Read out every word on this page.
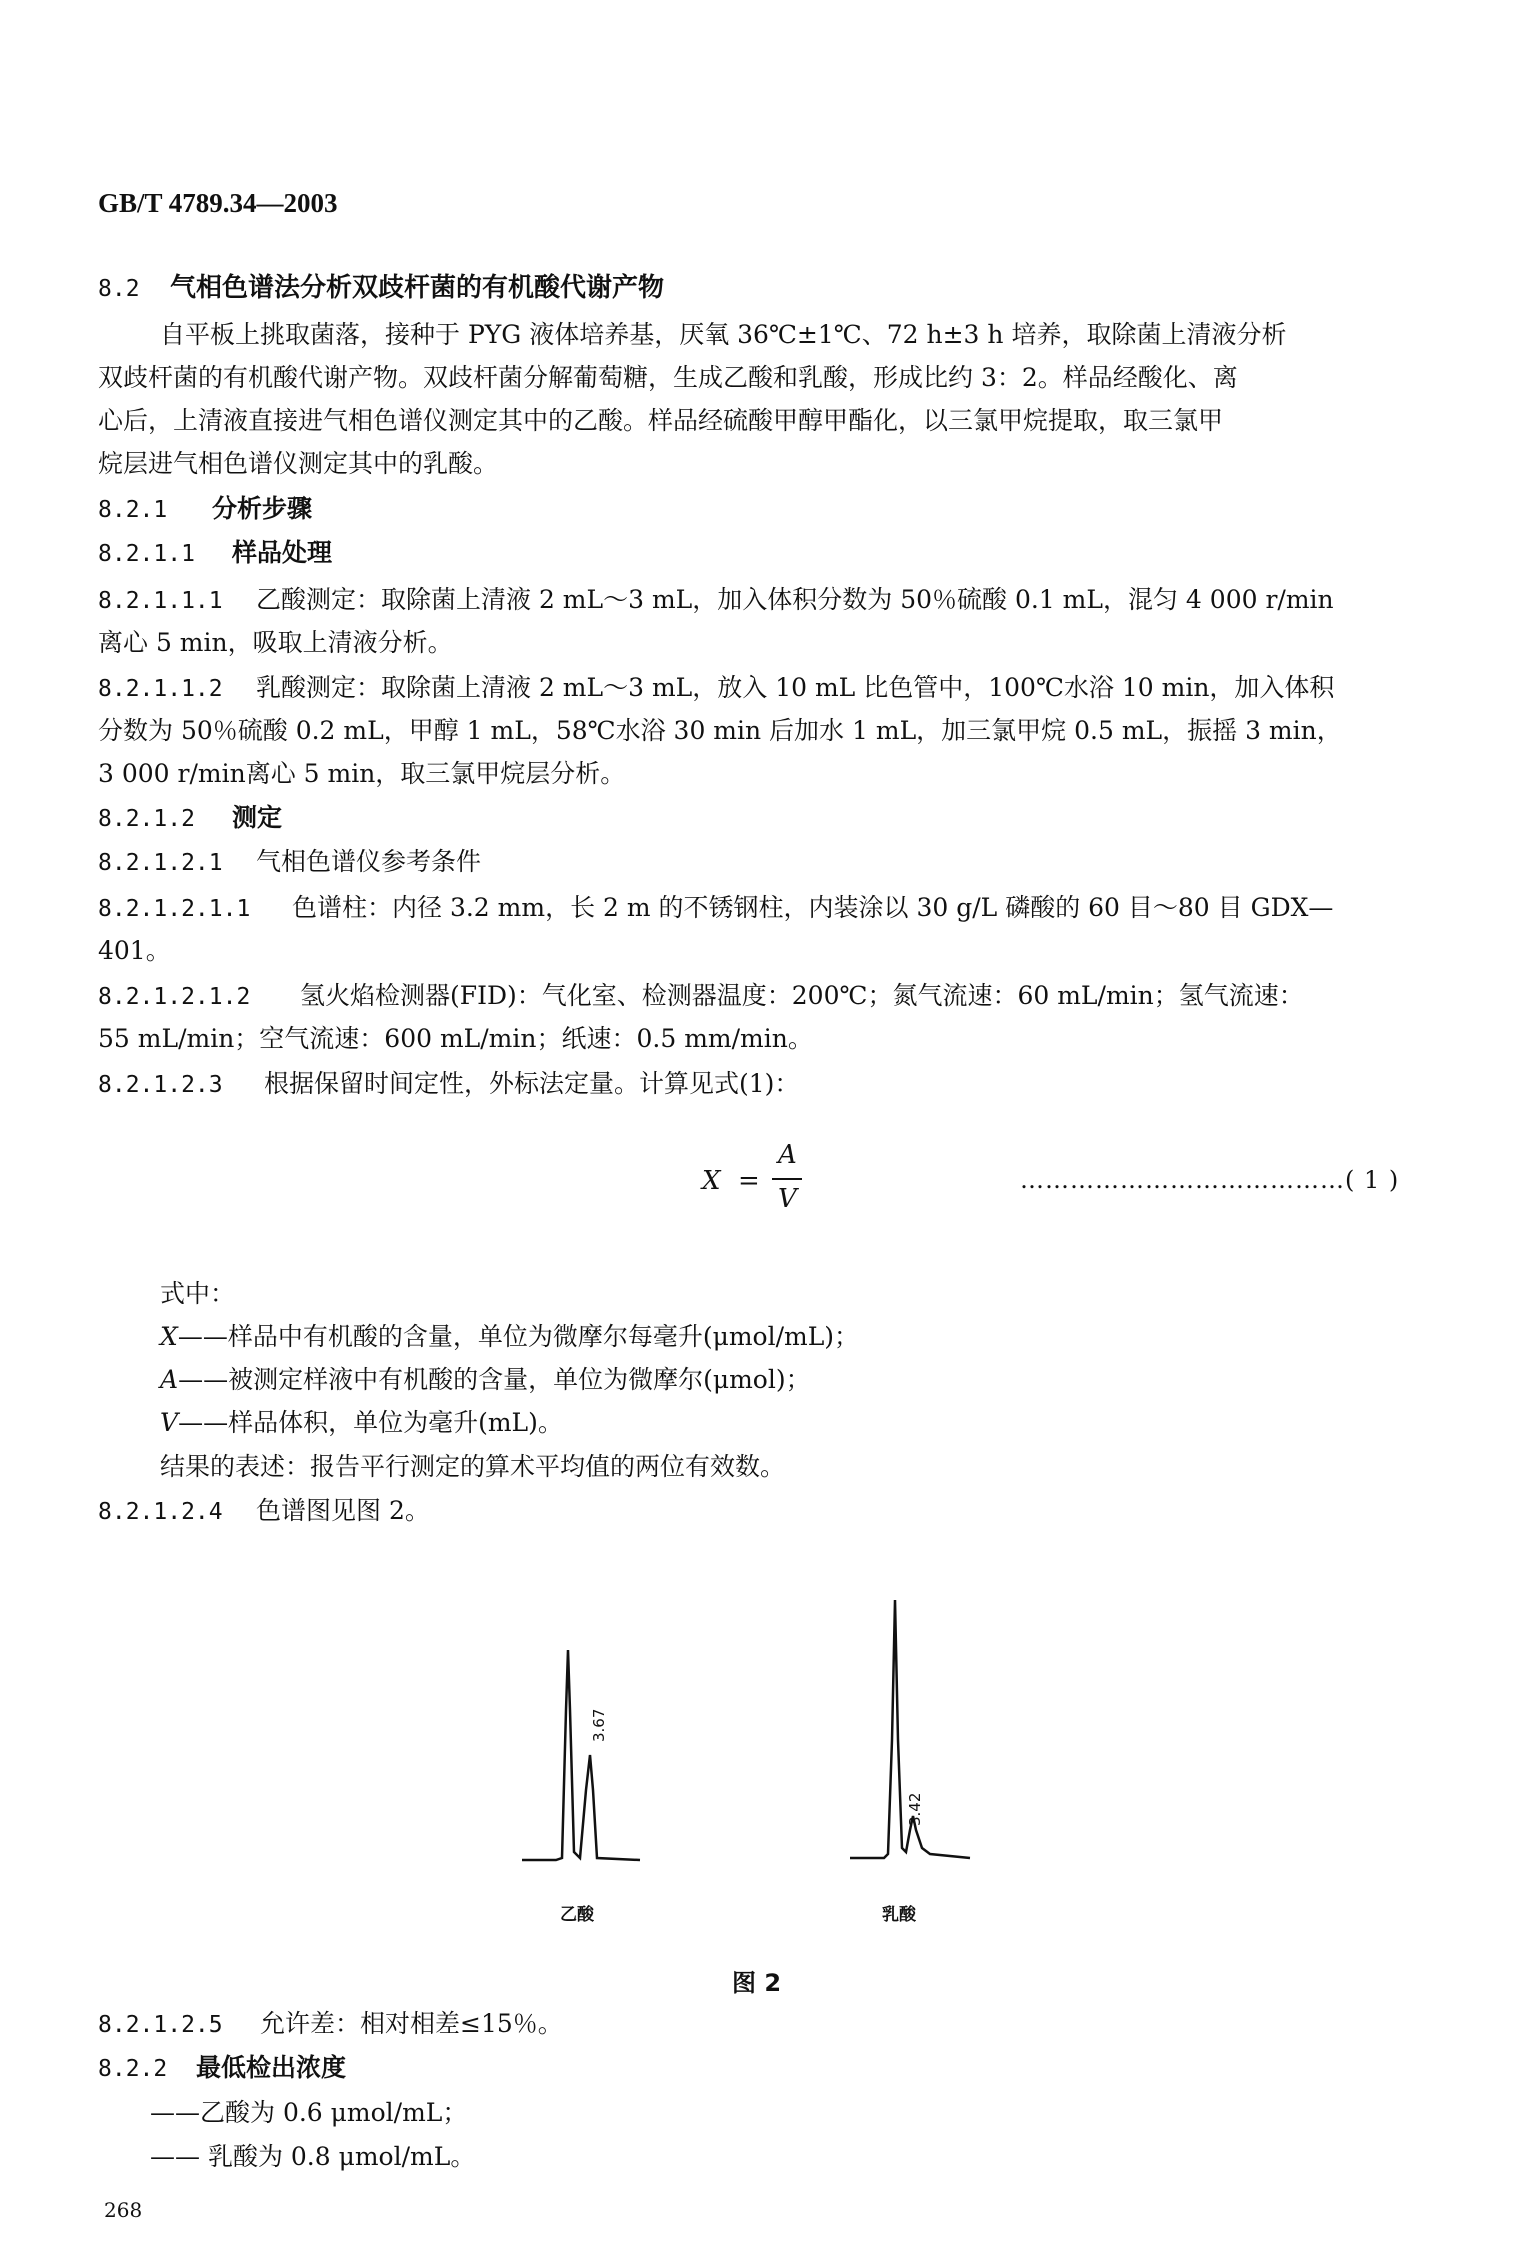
GB/T 4789.34—2003
8.2 气相色谱法分析双歧杆菌的有机酸代谢产物
自平板上挑取菌落，接种于 PYG 液体培养基，厌氧 36℃±1℃、72 h±3 h 培养，取除菌上清液分析
双歧杆菌的有机酸代谢产物。双歧杆菌分解葡萄糖，生成乙酸和乳酸，形成比约 3：2。样品经酸化、离
心后，上清液直接进气相色谱仪测定其中的乙酸。样品经硫酸甲醇甲酯化，以三氯甲烷提取，取三氯甲
烷层进气相色谱仪测定其中的乳酸。
8.2.1 分析步骤
8.2.1.1 样品处理
8.2.1.1.1 乙酸测定：取除菌上清液 2 mL～3 mL，加入体积分数为 50％硫酸 0.1 mL，混匀 4 000 r/min
离心 5 min，吸取上清液分析。
8.2.1.1.2 乳酸测定：取除菌上清液 2 mL～3 mL，放入 10 mL 比色管中，100℃水浴 10 min，加入体积
分数为 50％硫酸 0.2 mL，甲醇 1 mL，58℃水浴 30 min 后加水 1 mL，加三氯甲烷 0.5 mL，振摇 3 min，
3 000 r/min离心 5 min，取三氯甲烷层分析。
8.2.1.2 测定
8.2.1.2.1 气相色谱仪参考条件
8.2.1.2.1.1 色谱柱：内径 3.2 mm，长 2 m 的不锈钢柱，内装涂以 30 g/L 磷酸的 60 目～80 目 GDX—
401。
8.2.1.2.1.2 氢火焰检测器(FID)：气化室、检测器温度：200℃；氮气流速：60 mL/min；氢气流速：
55 mL/min；空气流速：600 mL/min；纸速：0.5 mm/min。
8.2.1.2.3 根据保留时间定性，外标法定量。计算见式(1)：
X =
A
V
…………………………………( 1 )
式中：
X——样品中有机酸的含量，单位为微摩尔每毫升(μmol/mL)；
A——被测定样液中有机酸的含量，单位为微摩尔(μmol)；
V——样品体积，单位为毫升(mL)。
结果的表述：报告平行测定的算术平均值的两位有效数。
8.2.1.2.4 色谱图见图 2。
3.67
3.42
乙酸	乳酸
图 2
8.2.1.2.5 允许差：相对相差≤15％。
8.2.2 最低检出浓度
——乙酸为 0.6 μmol/mL；
—— 乳酸为 0.8 μmol/mL。
268
